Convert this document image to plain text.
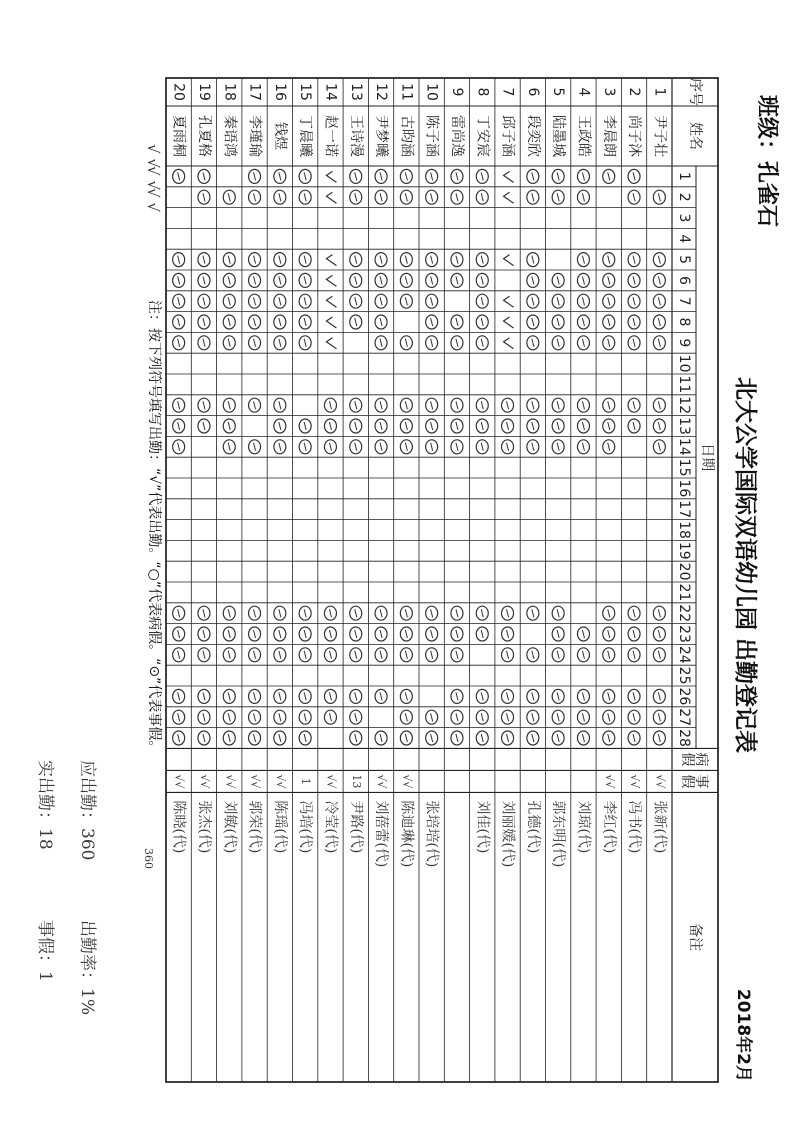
北大公学国际双语幼儿园 出勤登记表
班级：孔雀石
2018年2月
序号
姓名
日期
病
假
事
假
备注
1
2
3
4
5
6
7
8
9
10
11
12
13
14
15
16
17
18
19
20
21
22
23
24
25
26
27
28
1
尹子壮
√√
张新(代)
2
尚子沐
√√
冯书(代)
3
李晨朗
√√
李红(代)
4
王政皓
刘琼(代)
5
陆墨城
郭东明(代)
6
段奕欣
孔德(代)
7
邱子涵
刘丽媛(代)
8
丁安宸
刘佳(代)
9
雷尚逸
10
陈子涵
张培培(代)
11
古昀涵
√√
陈迪琳(代)
12
尹梦曦
√√
刘蓓蕾(代)
13
王诗漫
13
尹路(代)
14
赵一诺
√√
冷莹(代)
15
丁晨曦
1
冯培(代)
16
钱煜
√√
陈瑶(代)
17
李瑾瑜
√√
郭荣(代)
18
秦语鸿
√√
刘敏(代)
19
孔夏格
√√
张杰(代)
20
夏雨桐
√√
陈晓(代)
√ √
√ √
√ √
注：按下列符号填写出勤：“√”代表出勤。“○”代表病假。“⊙”代表事假。
应出勤：360
出勤率：1%
实出勤：18
事假：1
360
